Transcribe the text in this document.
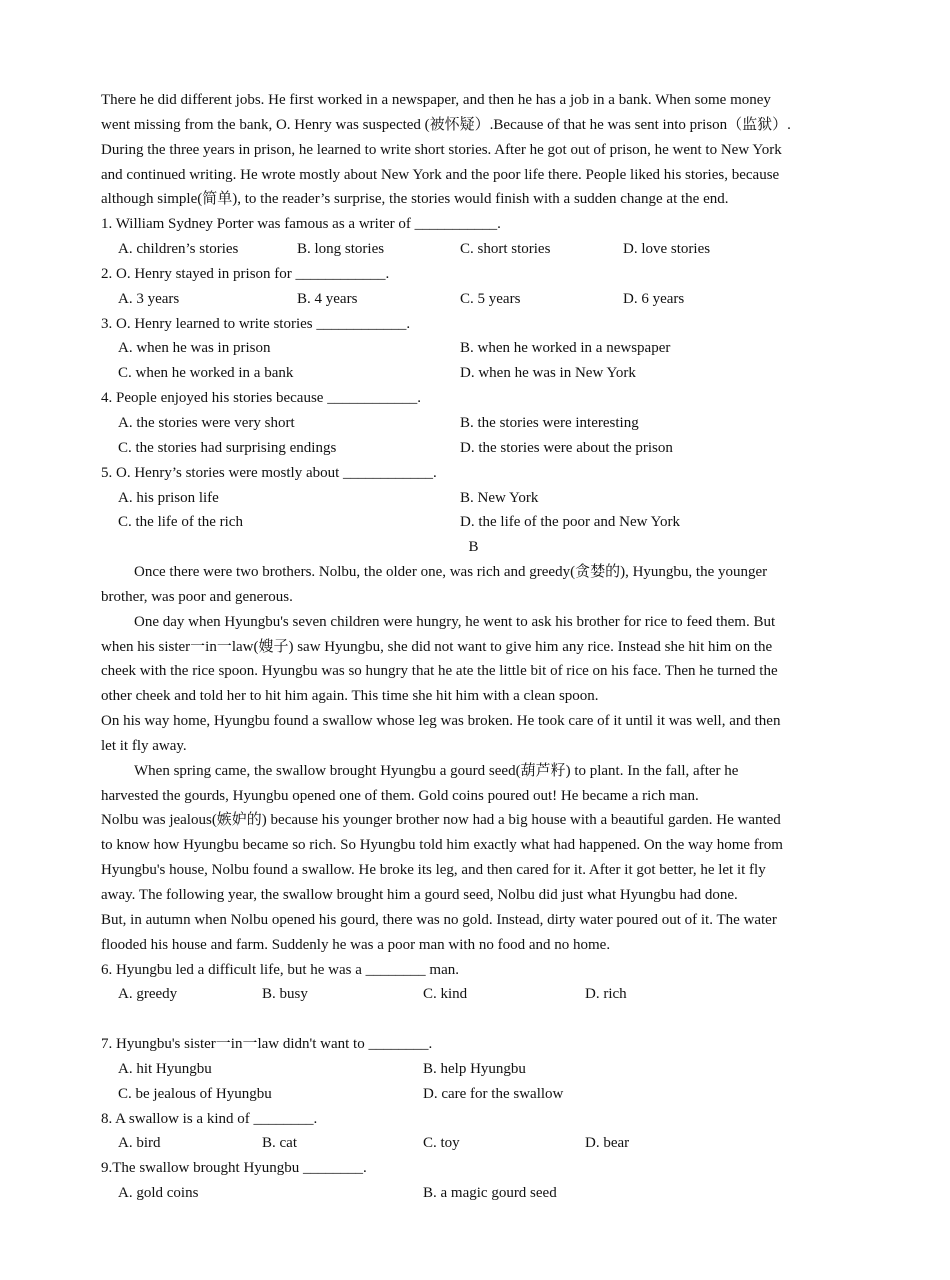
There he did different jobs. He first worked in a newspaper, and then he has a job in a bank. When some money
went missing from the bank, O. Henry was suspected (被怀疑）.Because of that he was sent into prison（监狱）.
During the three years in prison, he learned to write short stories. After he got out of prison, he went to New York
and continued writing. He wrote mostly about New York and the poor life there. People liked his stories, because
although simple(简单), to the reader’s surprise, the stories would finish with a sudden change at the end.
1. William Sydney Porter was famous as a writer of ___________.
A. children’s stories	B. long stories	C. short stories	D. love stories
2. O. Henry stayed in prison for ____________.
A. 3 years	B. 4 years	C. 5 years	D. 6 years
3. O. Henry learned to write stories ____________.
A. when he was in prison	B. when he worked in a newspaper
C. when he worked in a bank	D. when he was in New York
4. People enjoyed his stories because ____________.
A. the stories were very short	B. the stories were interesting
C. the stories had surprising endings	D. the stories were about the prison
5. O. Henry’s stories were mostly about ____________.
A. his prison life	B. New York
C. the life of the rich	D. the life of the poor and New York
B
Once there were two brothers. Nolbu, the older one, was rich and greedy(贪婪的), Hyungbu, the younger
brother, was poor and generous.
One day when Hyungbu's seven children were hungry, he went to ask his brother for rice to feed them. But
when his sister一in一law(嫂子) saw Hyungbu, she did not want to give him any rice. Instead she hit him on the
cheek with the rice spoon. Hyungbu was so hungry that he ate the little bit of rice on his face. Then he turned the
other cheek and told her to hit him again. This time she hit him with a clean spoon.
On his way home, Hyungbu found a swallow whose leg was broken. He took care of it until it was well, and then
let it fly away.
When spring came, the swallow brought Hyungbu a gourd seed(葫芦籽) to plant. In the fall, after he
harvested the gourds, Hyungbu opened one of them. Gold coins poured out! He became a rich man.
Nolbu was jealous(嫉妒的) because his younger brother now had a big house with a beautiful garden. He wanted
to know how Hyungbu became so rich. So Hyungbu told him exactly what had happened. On the way home from
Hyungbu's house, Nolbu found a swallow. He broke its leg, and then cared for it. After it got better, he let it fly
away. The following year, the swallow brought him a gourd seed, Nolbu did just what Hyungbu had done.
But, in autumn when Nolbu opened his gourd, there was no gold. Instead, dirty water poured out of it. The water
flooded his house and farm. Suddenly he was a poor man with no food and no home.
6. Hyungbu led a difficult life, but he was a ________ man.
A. greedy	B. busy	C. kind	D. rich
7. Hyungbu's sister一in一law didn't want to ________.
A. hit Hyungbu	B. help Hyungbu
C. be jealous of Hyungbu	D. care for the swallow
8. A swallow is a kind of ________.
A. bird	B. cat	C. toy	D. bear
9.The swallow brought Hyungbu ________.
A. gold coins	B. a magic gourd seed
